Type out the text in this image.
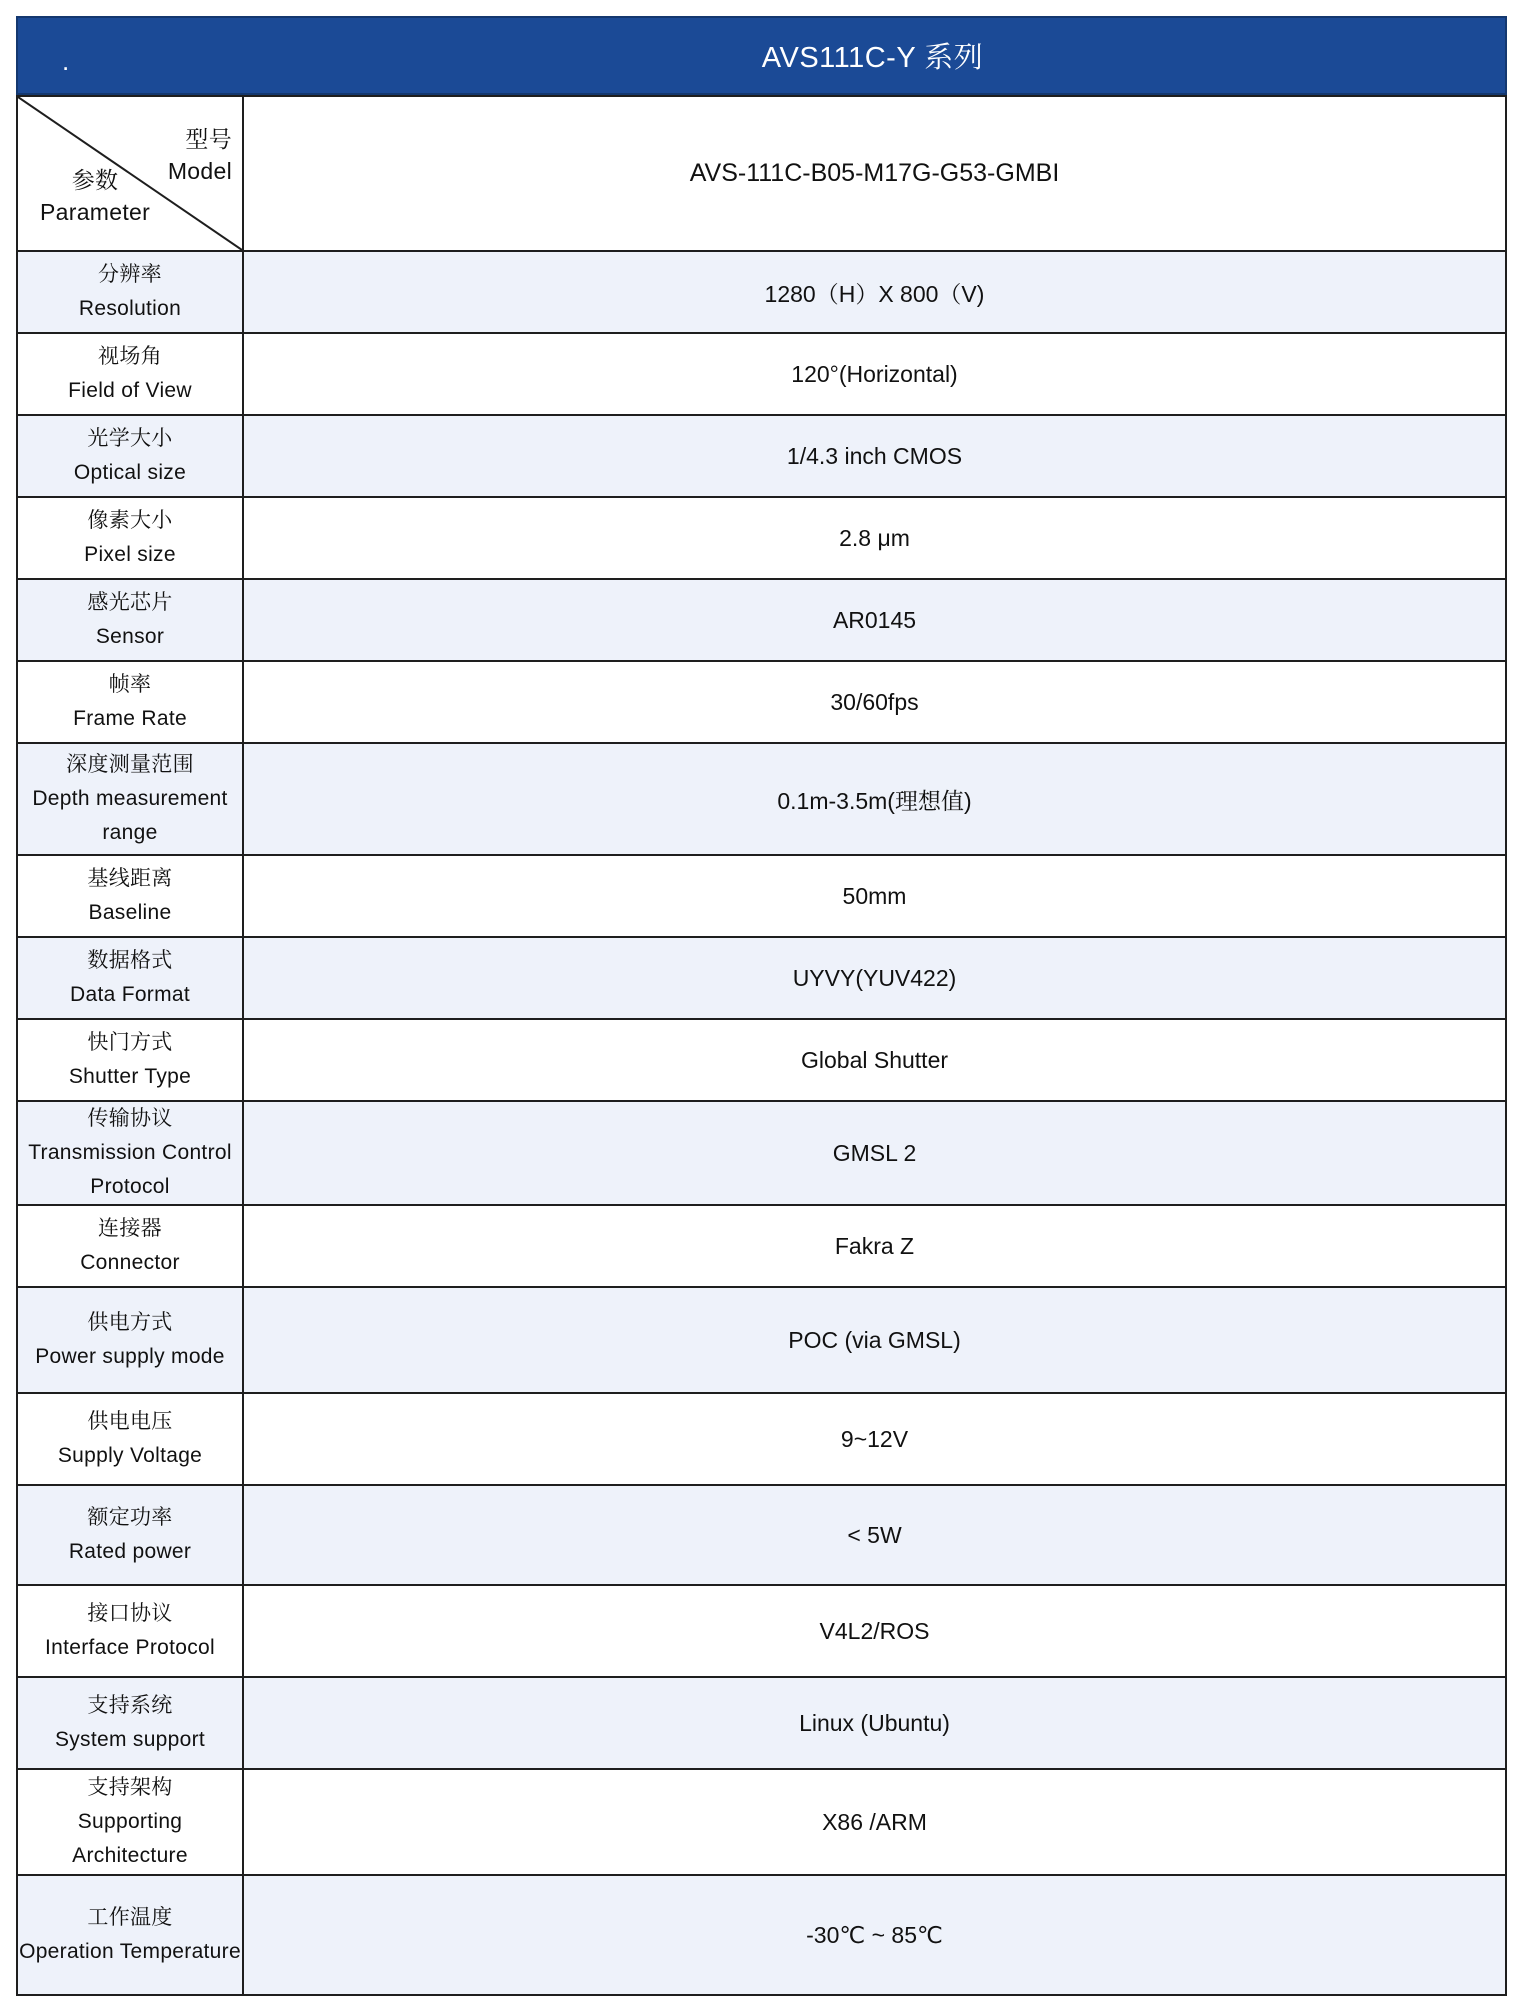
.	AVS111C-Y 系列
型号
Model
参数
Parameter	AVS-111C-B05-M17G-G53-GMBI

分辨率
Resolution	1280（H）X 800（V)

视场角
Field of View	120°(Horizontal)

光学大小
Optical size	1/4.3 inch CMOS

像素大小
Pixel size	2.8 μm

感光芯片
Sensor	AR0145

帧率
Frame Rate	30/60fps

深度测量范围
Depth measurement range	0.1m-3.5m(理想值)

基线距离
Baseline	50mm

数据格式
Data Format	UYVY(YUV422)

快门方式
Shutter Type	Global Shutter

传输协议
Transmission Control Protocol	GMSL 2

连接器
Connector	Fakra Z

供电方式
Power supply mode	POC (via GMSL)

供电电压
Supply Voltage	9~12V

额定功率
Rated power	< 5W

接口协议
Interface Protocol	V4L2/ROS

支持系统
System support	Linux (Ubuntu)

支持架构
Supporting Architecture	X86 /ARM

工作温度
Operation Temperature	-30℃ ~ 85℃
